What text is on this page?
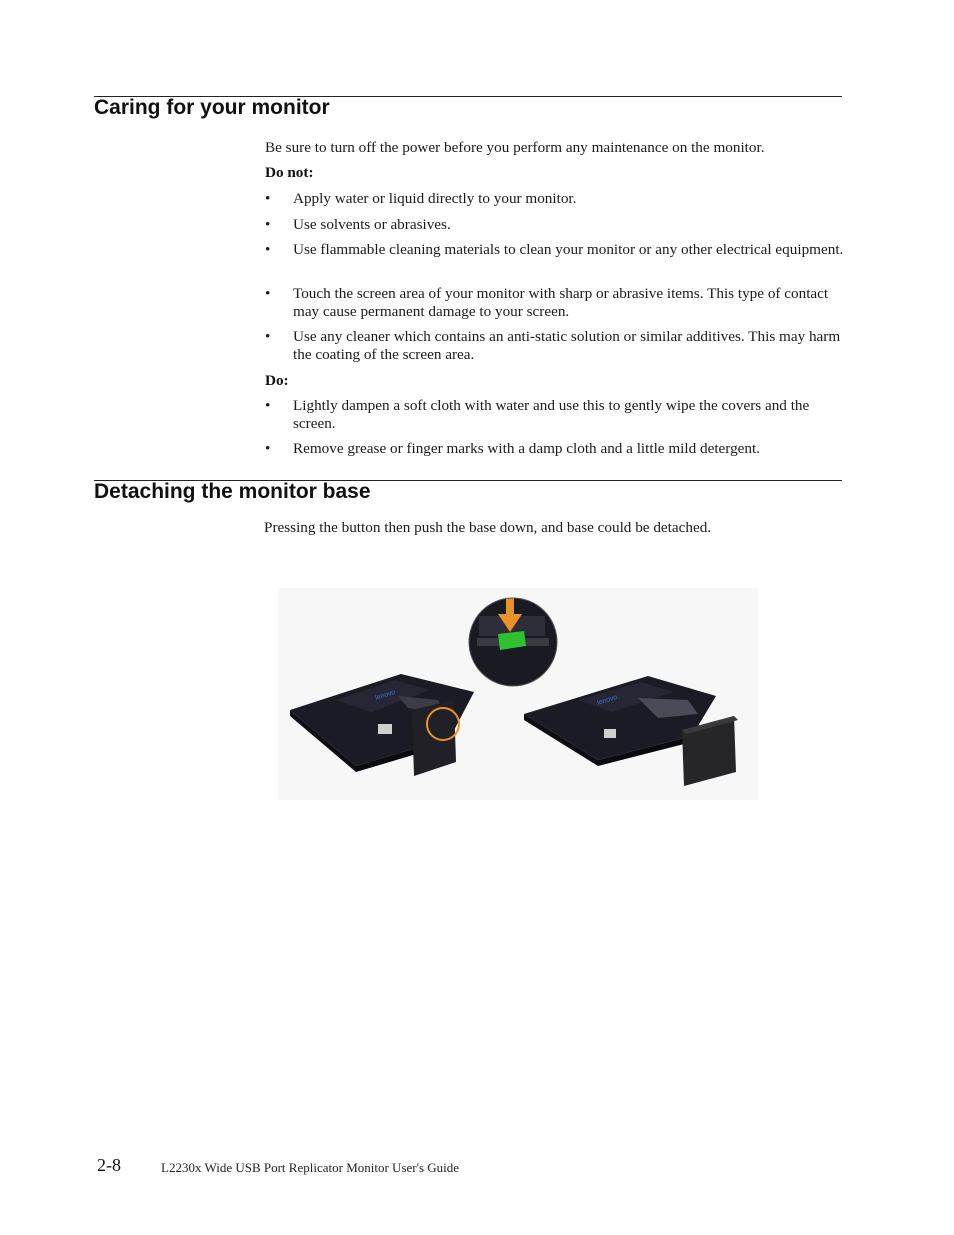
Caring for your monitor

Be sure to turn off the power before you perform any maintenance on the monitor.

Do not:

• Apply water or liquid directly to your monitor.
• Use solvents or abrasives.
• Use flammable cleaning materials to clean your monitor or any other electrical equipment.
• Touch the screen area of your monitor with sharp or abrasive items. This type of contact may cause permanent damage to your screen.
• Use any cleaner which contains an anti-static solution or similar additives. This may harm the coating of the screen area.

Do:

• Lightly dampen a soft cloth with water and use this to gently wipe the covers and the screen.
• Remove grease or finger marks with a damp cloth and a little mild detergent.
Detaching the monitor base

Pressing the button then push the base down, and base could be detached.

lenovo	lenovo
2-8	L2230x Wide USB Port Replicator Monitor User's Guide
